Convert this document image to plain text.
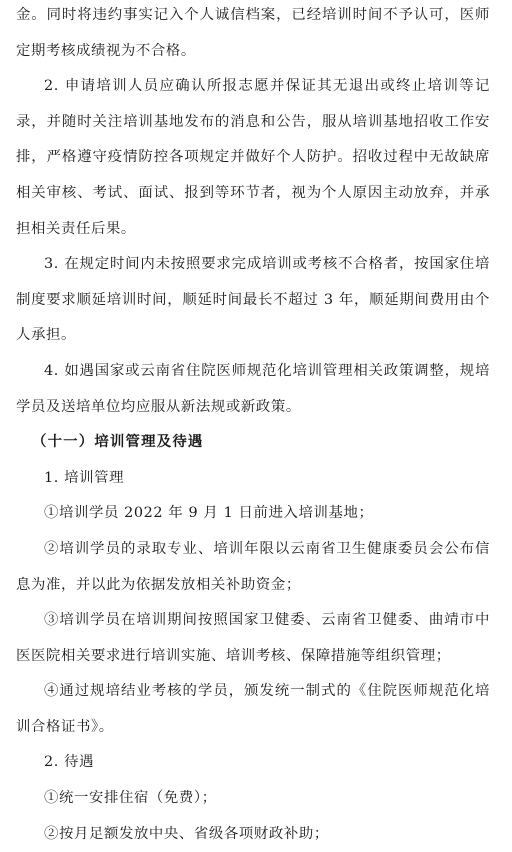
金。同时将违约事实记入个人诚信档案，已经培训时间不予认可，医师定期考核成绩视为不合格。

2. 申请培训人员应确认所报志愿并保证其无退出或终止培训等记录，并随时关注培训基地发布的消息和公告，服从培训基地招收工作安排，严格遵守疫情防控各项规定并做好个人防护。招收过程中无故缺席相关审核、考试、面试、报到等环节者，视为个人原因主动放弃，并承担相关责任后果。

3. 在规定时间内未按照要求完成培训或考核不合格者，按国家住培制度要求顺延培训时间，顺延时间最长不超过 3 年，顺延期间费用由个人承担。

4. 如遇国家或云南省住院医师规范化培训管理相关政策调整，规培学员及送培单位均应服从新法规或新政策。

（十一）培训管理及待遇

1. 培训管理

①培训学员 2022 年 9 月 1 日前进入培训基地；

②培训学员的录取专业、培训年限以云南省卫生健康委员会公布信息为准，并以此为依据发放相关补助资金；

③培训学员在培训期间按照国家卫健委、云南省卫健委、曲靖市中医医院相关要求进行培训实施、培训考核、保障措施等组织管理；

④通过规培结业考核的学员，颁发统一制式的《住院医师规范化培训合格证书》。

2. 待遇

①统一安排住宿（免费）；

②按月足额发放中央、省级各项财政补助；
